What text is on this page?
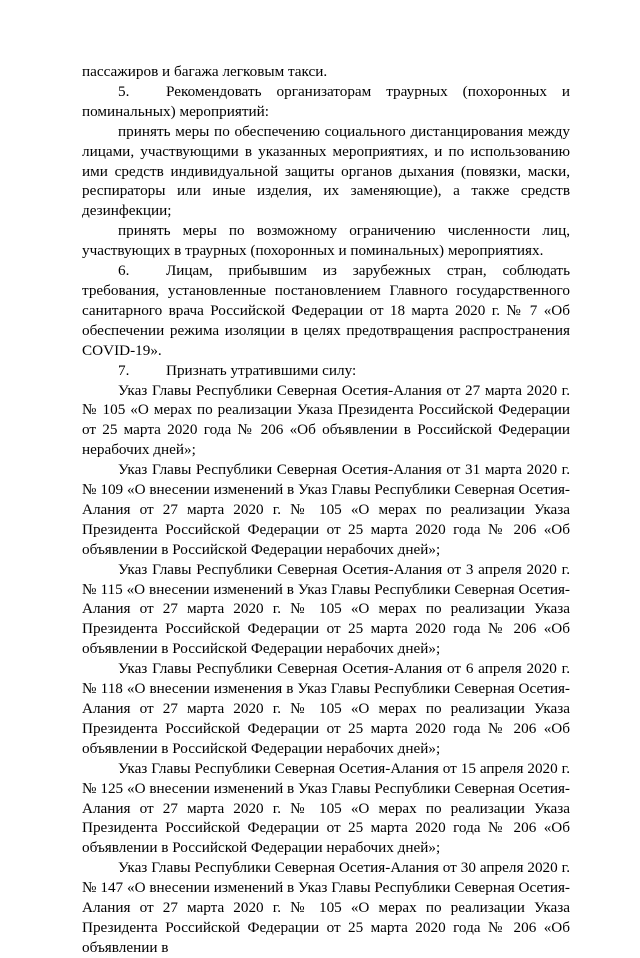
пассажиров и багажа легковым такси.

5. Рекомендовать организаторам траурных (похоронных и поминальных) мероприятий:

принять меры по обеспечению социального дистанцирования между лицами, участвующими в указанных мероприятиях, и по использованию ими средств индивидуальной защиты органов дыхания (повязки, маски, респираторы или иные изделия, их заменяющие), а также средств дезинфекции;

принять меры по возможному ограничению численности лиц, участвующих в траурных (похоронных и поминальных) мероприятиях.

6. Лицам, прибывшим из зарубежных стран, соблюдать требования, установленные постановлением Главного государственного санитарного врача Российской Федерации от 18 марта 2020 г. № 7 «Об обеспечении режима изоляции в целях предотвращения распространения COVID-19».

7. Признать утратившими силу:

Указ Главы Республики Северная Осетия-Алания от 27 марта 2020 г. № 105 «О мерах по реализации Указа Президента Российской Федерации от 25 марта 2020 года № 206 «Об объявлении в Российской Федерации нерабочих дней»;

Указ Главы Республики Северная Осетия-Алания от 31 марта 2020 г. № 109 «О внесении изменений в Указ Главы Республики Северная Осетия-Алания от 27 марта 2020 г. № 105 «О мерах по реализации Указа Президента Российской Федерации от 25 марта 2020 года № 206 «Об объявлении в Российской Федерации нерабочих дней»;

Указ Главы Республики Северная Осетия-Алания от 3 апреля 2020 г. № 115 «О внесении изменений в Указ Главы Республики Северная Осетия-Алания от 27 марта 2020 г. № 105 «О мерах по реализации Указа Президента Российской Федерации от 25 марта 2020 года № 206 «Об объявлении в Российской Федерации нерабочих дней»;

Указ Главы Республики Северная Осетия-Алания от 6 апреля 2020 г. № 118 «О внесении изменения в Указ Главы Республики Северная Осетия-Алания от 27 марта 2020 г. № 105 «О мерах по реализации Указа Президента Российской Федерации от 25 марта 2020 года № 206 «Об объявлении в Российской Федерации нерабочих дней»;

Указ Главы Республики Северная Осетия-Алания от 15 апреля 2020 г. № 125 «О внесении изменений в Указ Главы Республики Северная Осетия-Алания от 27 марта 2020 г. № 105 «О мерах по реализации Указа Президента Российской Федерации от 25 марта 2020 года № 206 «Об объявлении в Российской Федерации нерабочих дней»;

Указ Главы Республики Северная Осетия-Алания от 30 апреля 2020 г. № 147 «О внесении изменений в Указ Главы Республики Северная Осетия-Алания от 27 марта 2020 г. № 105 «О мерах по реализации Указа Президента Российской Федерации от 25 марта 2020 года № 206 «Об объявлении в
